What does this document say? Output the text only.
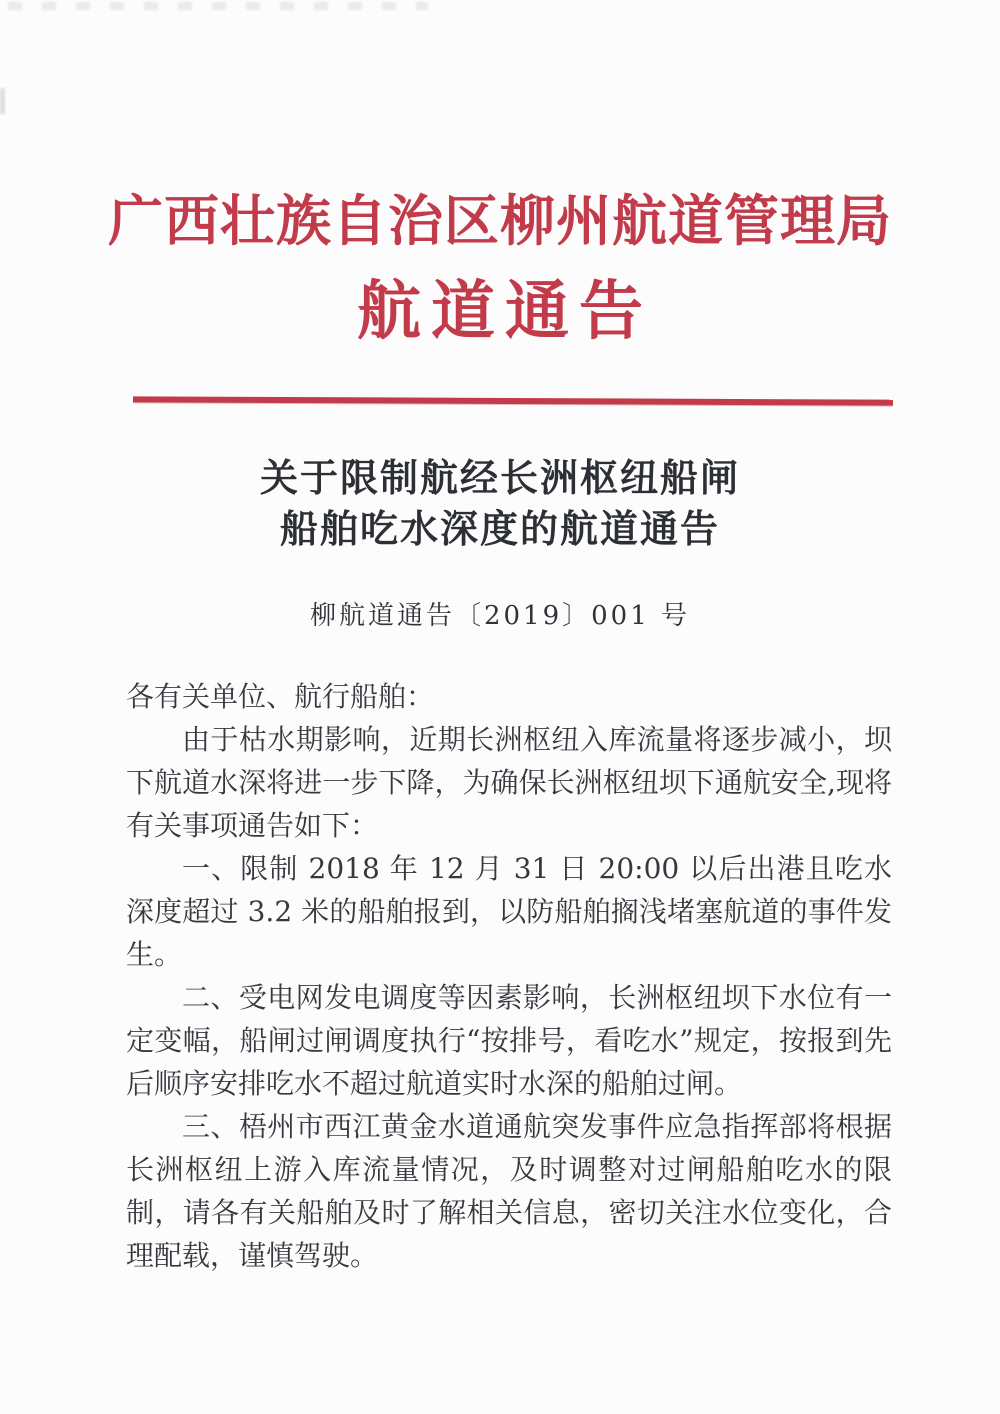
广西壮族自治区柳州航道管理局
航道通告
关于限制航经长洲枢纽船闸
船舶吃水深度的航道通告
柳航道通告〔2019〕001 号

各有关单位、航行船舶：

由于枯水期影响，近期长洲枢纽入库流量将逐步减小，坝下航道水深将进一步下降，为确保长洲枢纽坝下通航安全,现将有关事项通告如下：

一、限制 2018 年 12 月 31 日 20:00 以后出港且吃水深度超过 3.2 米的船舶报到，以防船舶搁浅堵塞航道的事件发生。

二、受电网发电调度等因素影响，长洲枢纽坝下水位有一定变幅，船闸过闸调度执行“按排号，看吃水”规定，按报到先后顺序安排吃水不超过航道实时水深的船舶过闸。

三、梧州市西江黄金水道通航突发事件应急指挥部将根据长洲枢纽上游入库流量情况，及时调整对过闸船舶吃水的限制，请各有关船舶及时了解相关信息，密切关注水位变化，合理配载，谨慎驾驶。
